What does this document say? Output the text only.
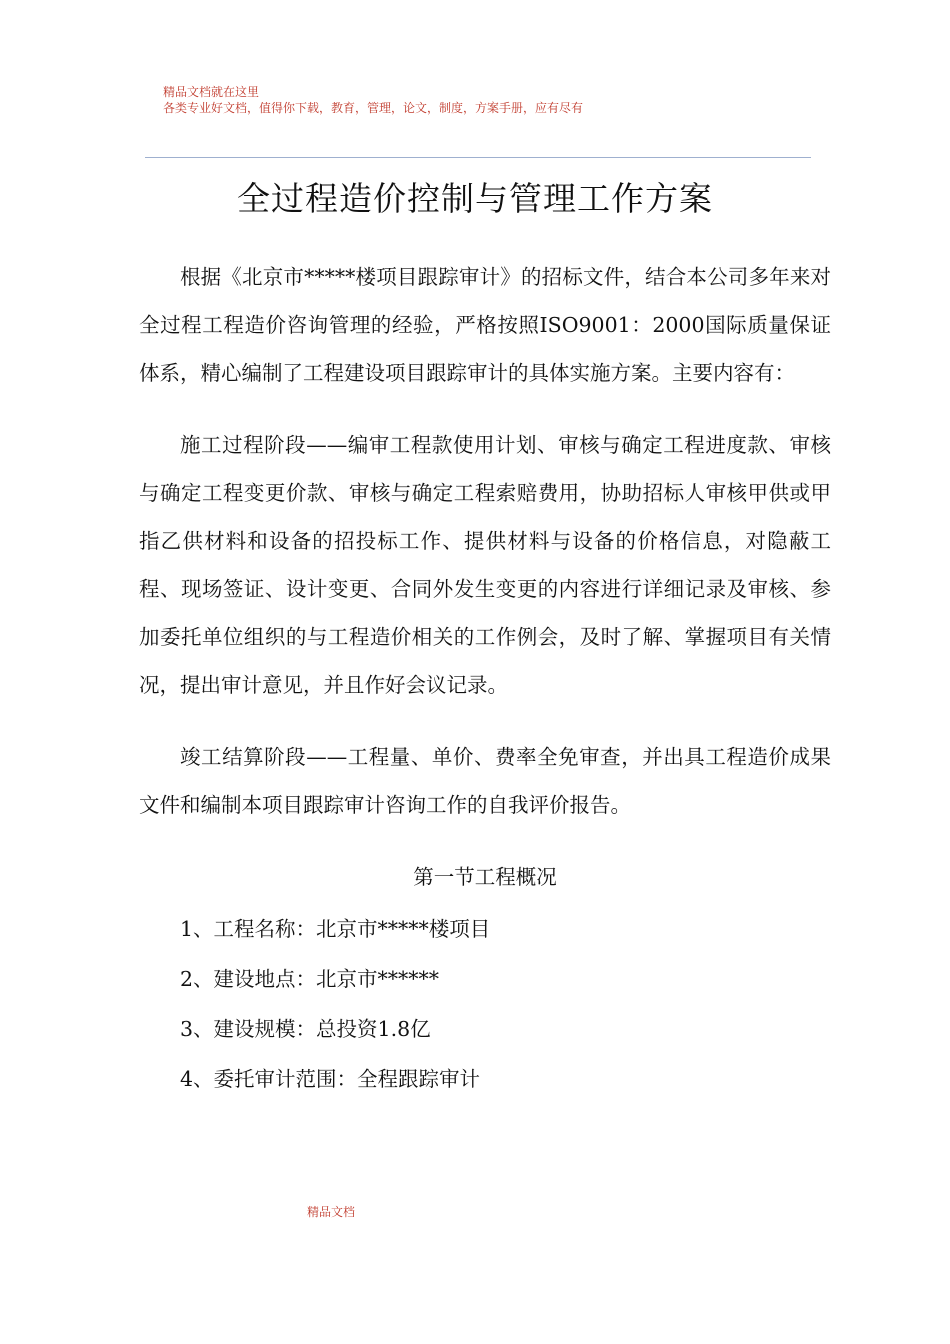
精品文档就在这里
各类专业好文档，值得你下载，教育，管理，论文，制度，方案手册，应有尽有
全过程造价控制与管理工作方案

根据《北京市*****楼项目跟踪审计》的招标文件，结合本公司多年来对全过程工程造价咨询管理的经验，严格按照ISO9001：2000国际质量保证体系，精心编制了工程建设项目跟踪审计的具体实施方案。主要内容有：

施工过程阶段——编审工程款使用计划、审核与确定工程进度款、审核与确定工程变更价款、审核与确定工程索赔费用，协助招标人审核甲供或甲指乙供材料和设备的招投标工作、提供材料与设备的价格信息，对隐蔽工程、现场签证、设计变更、合同外发生变更的内容进行详细记录及审核、参加委托单位组织的与工程造价相关的工作例会，及时了解、掌握项目有关情况，提出审计意见，并且作好会议记录。

竣工结算阶段——工程量、单价、费率全免审查，并出具工程造价成果文件和编制本项目跟踪审计咨询工作的自我评价报告。

第一节工程概况
1、工程名称：北京市*****楼项目
2、建设地点：北京市******
3、建设规模：总投资1.8亿
4、委托审计范围：全程跟踪审计
精品文档
